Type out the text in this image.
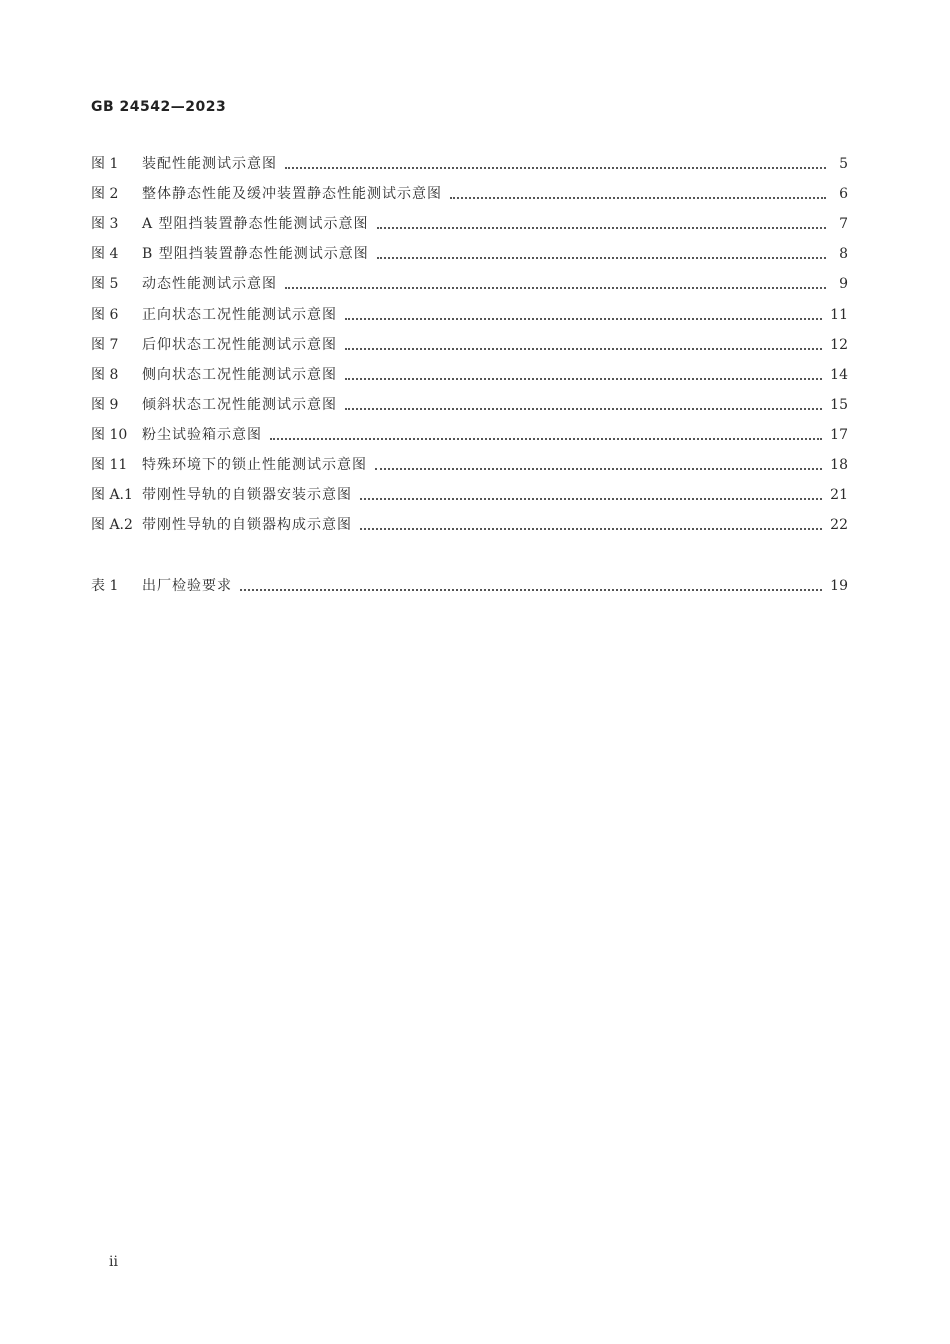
GB 24542—2023
图 1	装配性能测试示意图	5
图 2	整体静态性能及缓冲装置静态性能测试示意图	6
图 3	A 型阻挡装置静态性能测试示意图	7
图 4	B 型阻挡装置静态性能测试示意图	8
图 5	动态性能测试示意图	9
图 6	正向状态工况性能测试示意图	11
图 7	后仰状态工况性能测试示意图	12
图 8	侧向状态工况性能测试示意图	14
图 9	倾斜状态工况性能测试示意图	15
图 10	粉尘试验箱示意图	17
图 11	特殊环境下的锁止性能测试示意图	18
图 A.1 带刚性导轨的自锁器安装示意图	21
图 A.2 带刚性导轨的自锁器构成示意图	22
表 1	出厂检验要求	19
ii
